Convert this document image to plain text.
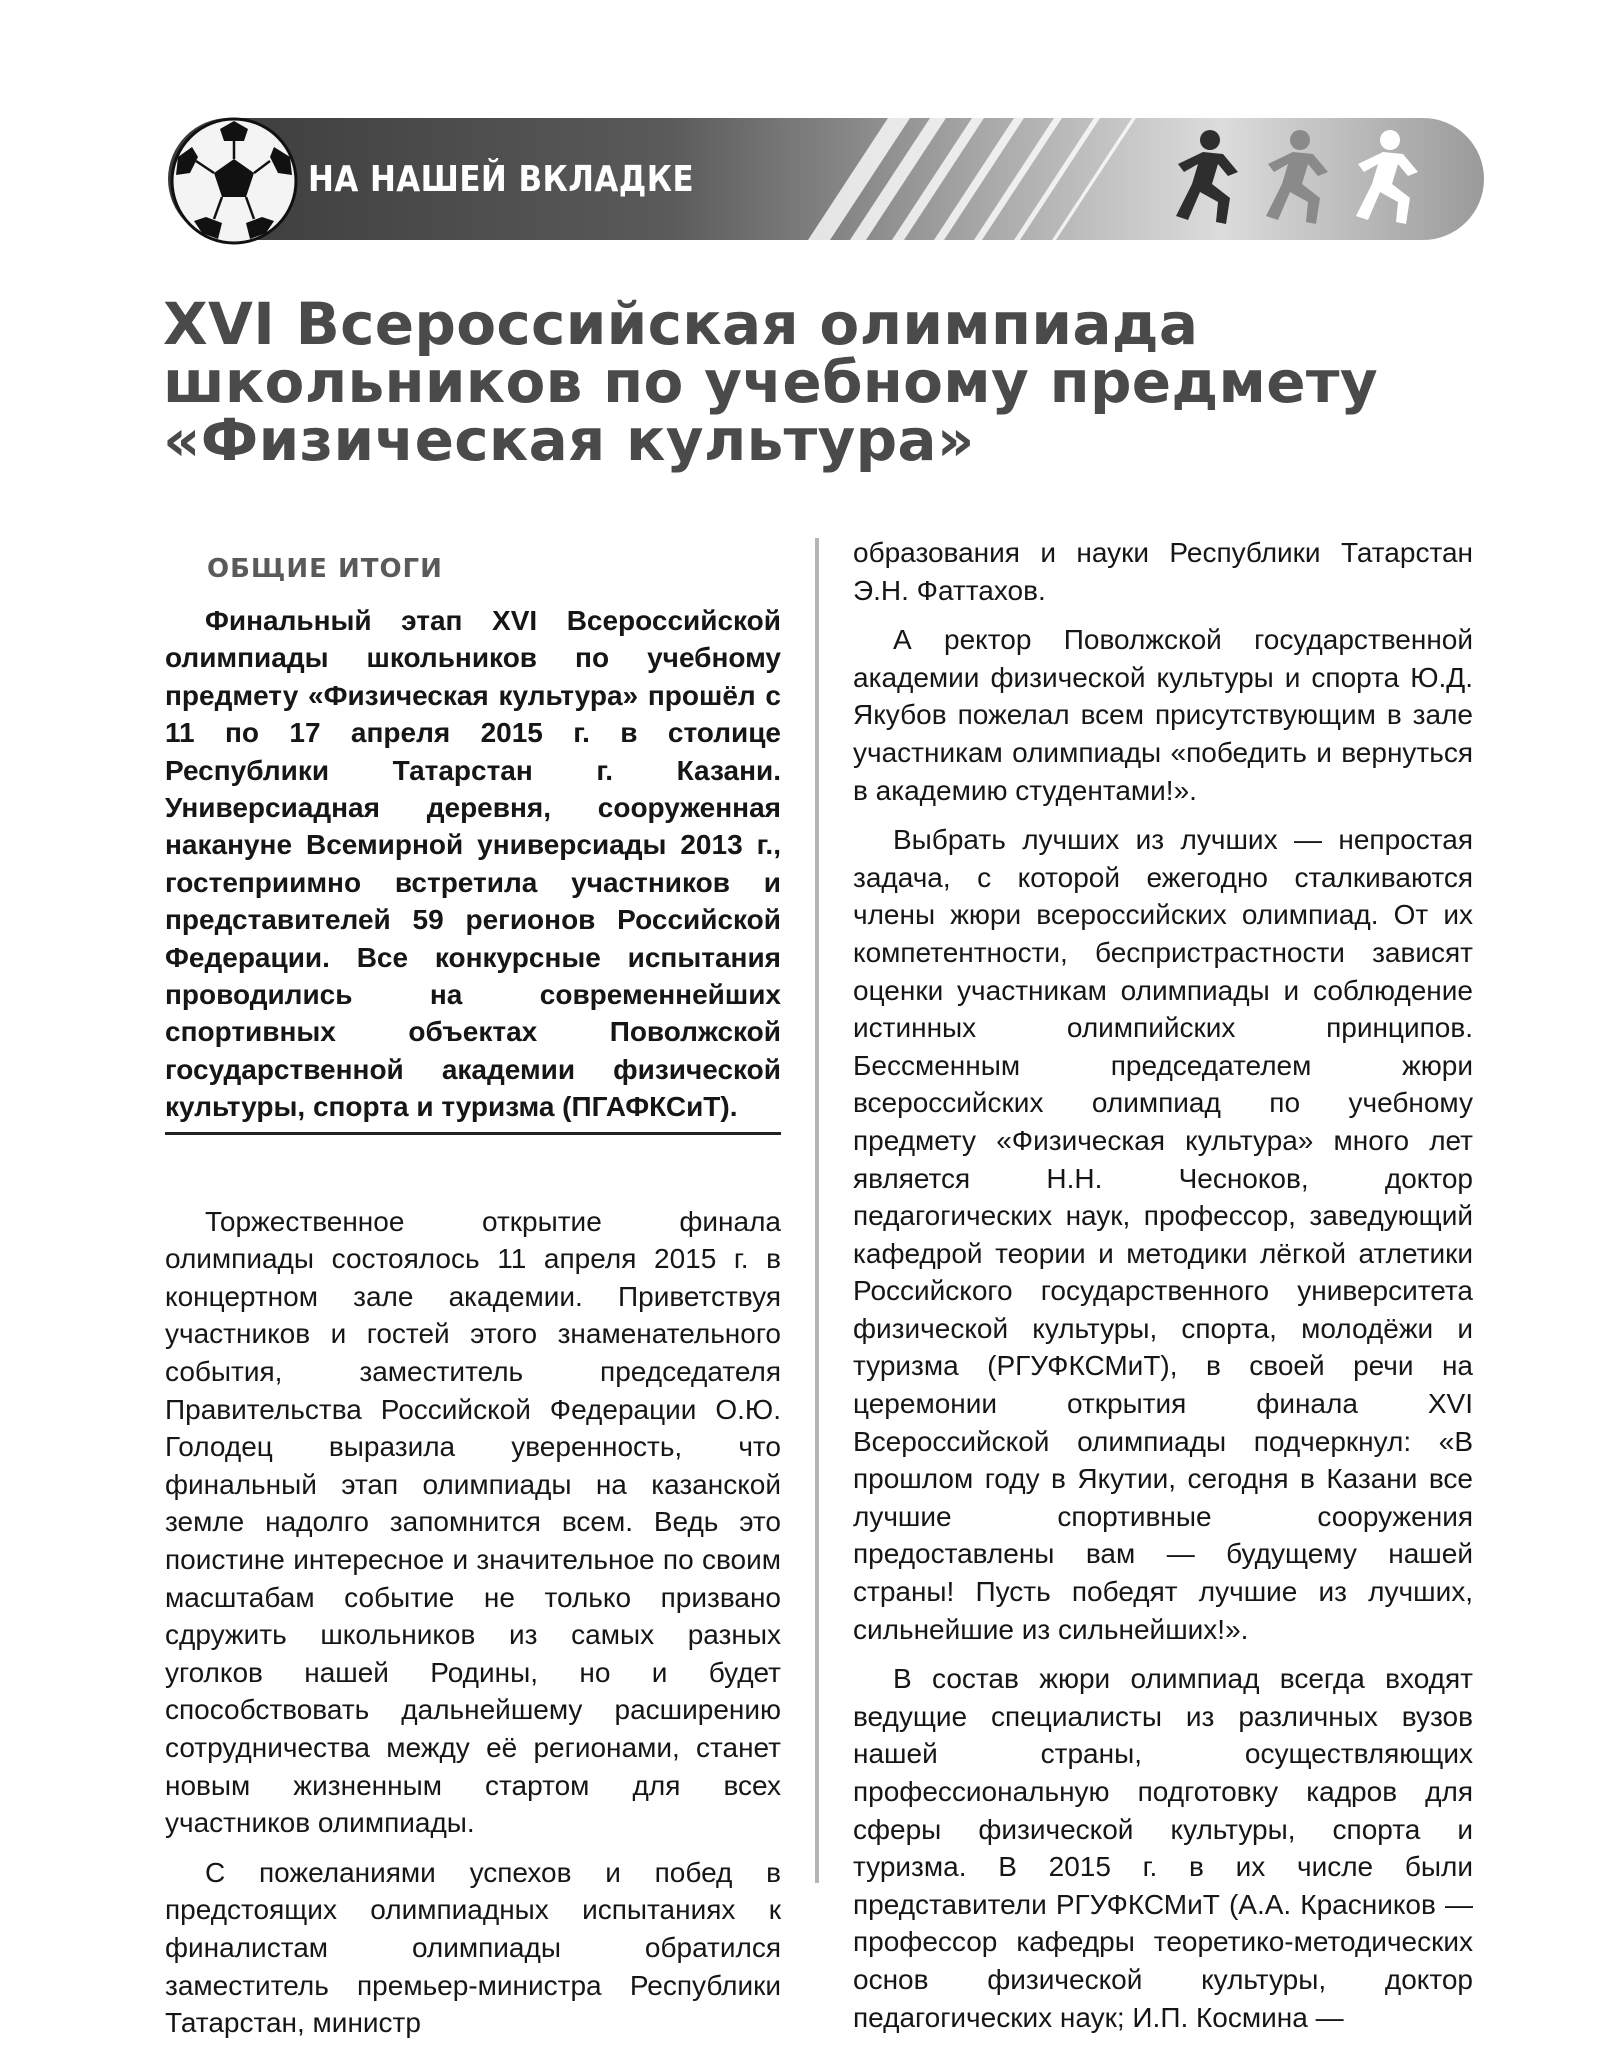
НА НАШЕЙ ВКЛАДКЕ
XVI Всероссийская олимпиада
школьников по учебному предмету
«Физическая культура»
ОБЩИЕ ИТОГИ

Финальный этап XVI Всероссийской олимпиады школьников по учебному предмету «Физическая культура» прошёл с 11 по 17 апреля 2015 г. в столице Республики Татарстан г. Казани. Универсиадная деревня, сооруженная накануне Всемирной универсиады 2013 г., гостеприимно встретила участников и представителей 59 регионов Российской Федерации. Все конкурсные испытания проводились на современнейших спортивных объектах Поволжской государственной академии физической культуры, спорта и туризма (ПГАФКСиТ).

Торжественное открытие финала олимпиады состоялось 11 апреля 2015 г. в концертном зале академии. Приветствуя участников и гостей этого знаменательного события, заместитель председателя Правительства Российской Федерации О.Ю. Голодец выразила уверенность, что финальный этап олимпиады на казанской земле надолго запомнится всем. Ведь это поистине интересное и значительное по своим масштабам событие не только призвано сдружить школьников из самых разных уголков нашей Родины, но и будет способствовать дальнейшему расширению сотрудничества между её регионами, станет новым жизненным стартом для всех участников олимпиады.

С пожеланиями успехов и побед в предстоящих олимпиадных испытаниях к финалистам олимпиады обратился заместитель премьер-министра Республики Татарстан, министр

образования и науки Республики Татарстан Э.Н. Фаттахов.

А ректор Поволжской государственной академии физической культуры и спорта Ю.Д. Якубов пожелал всем присутствующим в зале участникам олимпиады «победить и вернуться в академию студентами!».

Выбрать лучших из лучших — непростая задача, с которой ежегодно сталкиваются члены жюри всероссийских олимпиад. От их компетентности, беспристрастности зависят оценки участникам олимпиады и соблюдение истинных олимпийских принципов. Бессменным председателем жюри всероссийских олимпиад по учебному предмету «Физическая культура» много лет является Н.Н. Чесноков, доктор педагогических наук, профессор, заведующий кафедрой теории и методики лёгкой атлетики Российского государственного университета физической культуры, спорта, молодёжи и туризма (РГУФКСМиТ), в своей речи на церемонии открытия финала XVI Всероссийской олимпиады подчеркнул: «В прошлом году в Якутии, сегодня в Казани все лучшие спортивные сооружения предоставлены вам — будущему нашей страны! Пусть победят лучшие из лучших, сильнейшие из сильнейших!».

В состав жюри олимпиад всегда входят ведущие специалисты из различных вузов нашей страны, осуществляющих профессиональную подготовку кадров для сферы физической культуры, спорта и туризма. В 2015 г. в их числе были представители РГУФКСМиТ (А.А. Красников — профессор кафедры теоретико-методических основ физической культуры, доктор педагогических наук; И.П. Космина —
